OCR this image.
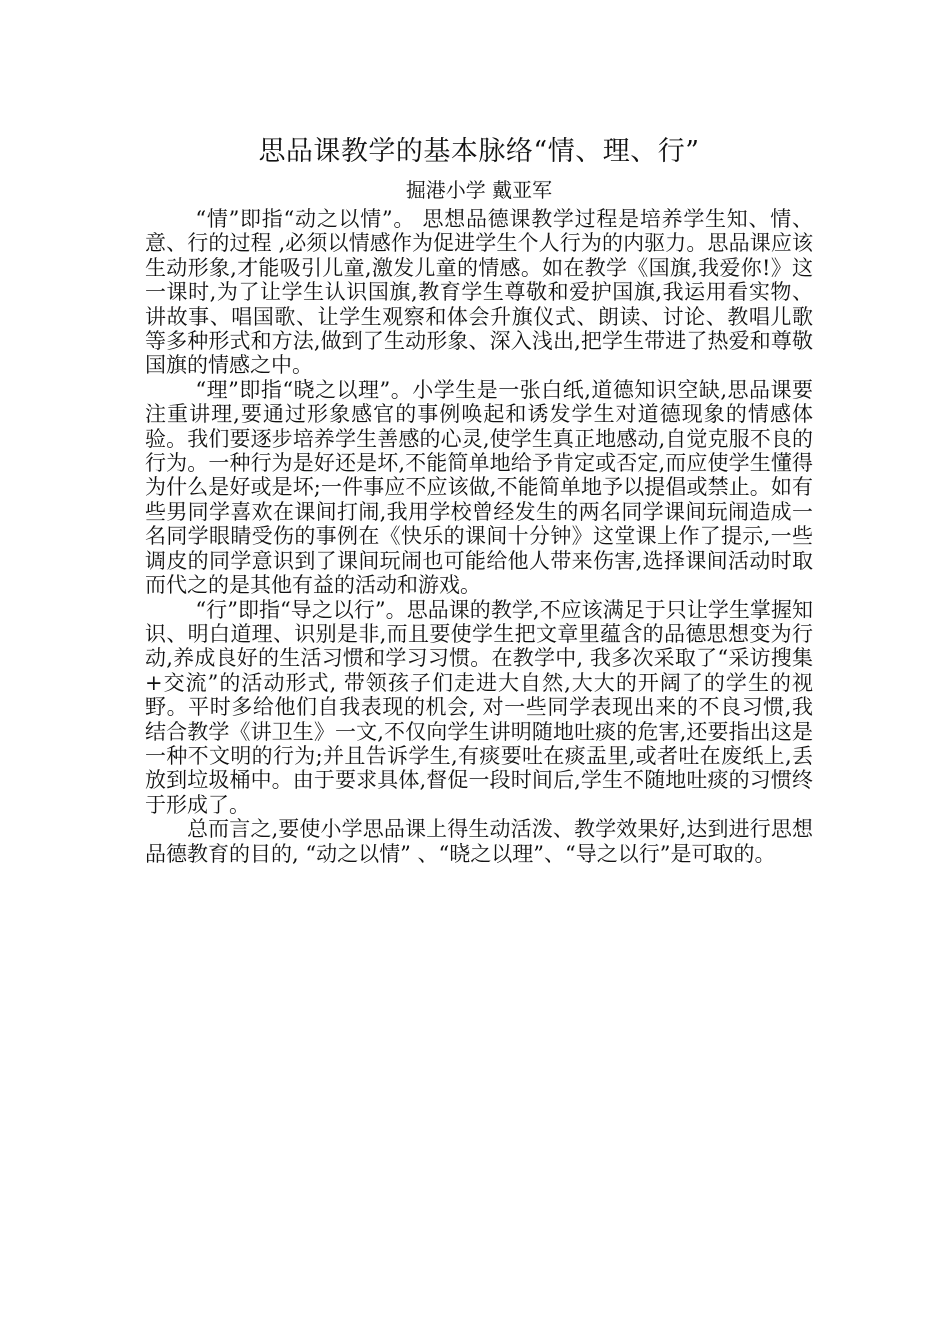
思品课教学的基本脉络“情、理、行”
掘港小学 戴亚军

“情”即指“动之以情”。 思想品德课教学过程是培养学生知、情、意、行的过程 ,必须以情感作为促进学生个人行为的内驱力。思品课应该生动形象,才能吸引儿童,激发儿童的情感。如在教学《国旗,我爱你!》这一课时,为了让学生认识国旗,教育学生尊敬和爱护国旗,我运用看实物、讲故事、唱国歌、让学生观察和体会升旗仪式、朗读、讨论、教唱儿歌等多种形式和方法,做到了生动形象、深入浅出,把学生带进了热爱和尊敬国旗的情感之中。

“理”即指“晓之以理”。小学生是一张白纸,道德知识空缺,思品课要注重讲理,要通过形象感官的事例唤起和诱发学生对道德现象的情感体验。我们要逐步培养学生善感的心灵,使学生真正地感动,自觉克服不良的行为。一种行为是好还是坏,不能简单地给予肯定或否定,而应使学生懂得为什么是好或是坏;一件事应不应该做,不能简单地予以提倡或禁止。如有些男同学喜欢在课间打闹,我用学校曾经发生的两名同学课间玩闹造成一名同学眼睛受伤的事例在《快乐的课间十分钟》这堂课上作了提示,一些调皮的同学意识到了课间玩闹也可能给他人带来伤害,选择课间活动时取而代之的是其他有益的活动和游戏。

“行”即指“导之以行”。思品课的教学,不应该满足于只让学生掌握知识、明白道理、识别是非,而且要使学生把文章里蕴含的品德思想变为行动,养成良好的生活习惯和学习习惯。在教学中, 我多次采取了“采访搜集+交流”的活动形式, 带领孩子们走进大自然,大大的开阔了的学生的视野。平时多给他们自我表现的机会, 对一些同学表现出来的不良习惯,我结合教学《讲卫生》一文,不仅向学生讲明随地吐痰的危害,还要指出这是一种不文明的行为;并且告诉学生,有痰要吐在痰盂里,或者吐在废纸上,丢放到垃圾桶中。由于要求具体,督促一段时间后,学生不随地吐痰的习惯终于形成了。

总而言之,要使小学思品课上得生动活泼、教学效果好,达到进行思想品德教育的目的, “动之以情” 、“晓之以理”、“导之以行”是可取的。
